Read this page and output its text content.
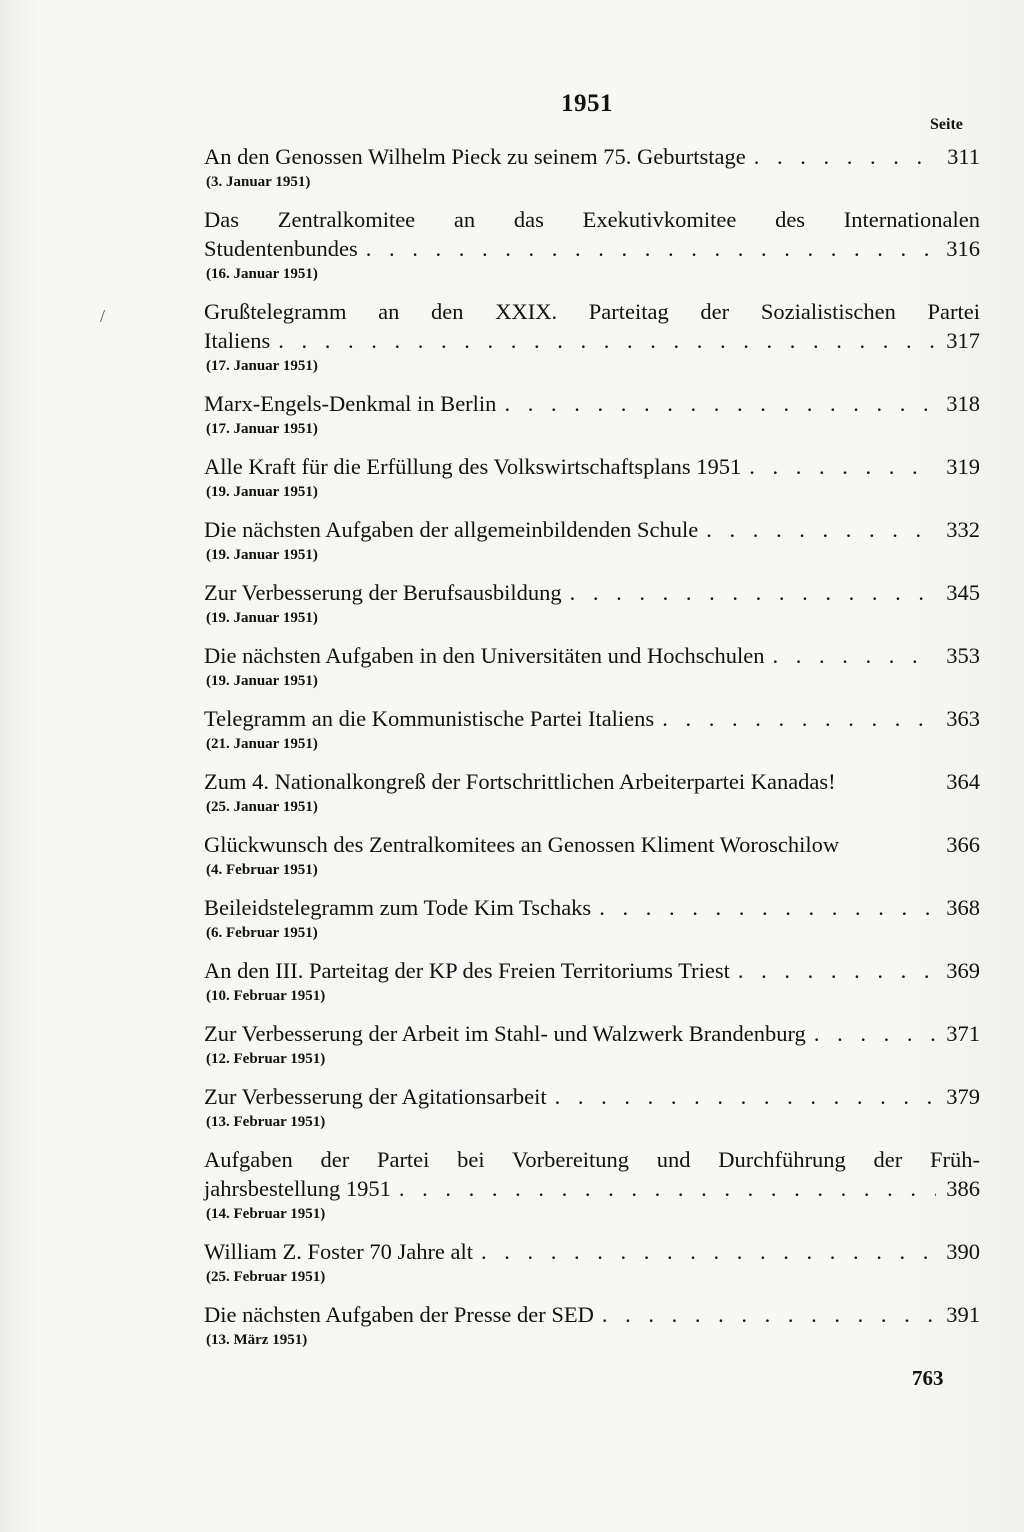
1951
Seite
An den Genossen Wilhelm Pieck zu seinem 75. Geburtstage . . .	311
(3. Januar 1951)
Das Zentralkomitee an das Exekutivkomitee des Internationalen
Studentenbundes . . .	316
(16. Januar 1951)
Grußtelegramm an den XXIX. Parteitag der Sozialistischen Partei
Italiens . . .	317
(17. Januar 1951)
Marx-Engels-Denkmal in Berlin . . .	318
(17. Januar 1951)
Alle Kraft für die Erfüllung des Volkswirtschaftsplans 1951 . . .	319
(19. Januar 1951)
Die nächsten Aufgaben der allgemeinbildenden Schule . . .	332
(19. Januar 1951)
Zur Verbesserung der Berufsausbildung . . .	345
(19. Januar 1951)
Die nächsten Aufgaben in den Universitäten und Hochschulen . . .	353
(19. Januar 1951)
Telegramm an die Kommunistische Partei Italiens . . .	363
(21. Januar 1951)
Zum 4. Nationalkongreß der Fortschrittlichen Arbeiterpartei Kanadas!	364
(25. Januar 1951)
Glückwunsch des Zentralkomitees an Genossen Kliment Woroschilow	366
(4. Februar 1951)
Beileidstelegramm zum Tode Kim Tschaks . . .	368
(6. Februar 1951)
An den III. Parteitag der KP des Freien Territoriums Triest . . .	369
(10. Februar 1951)
Zur Verbesserung der Arbeit im Stahl- und Walzwerk Brandenburg . . .	371
(12. Februar 1951)
Zur Verbesserung der Agitationsarbeit . . .	379
(13. Februar 1951)
Aufgaben der Partei bei Vorbereitung und Durchführung der Früh-
jahrsbestellung 1951 . . .	386
(14. Februar 1951)
William Z. Foster 70 Jahre alt . . .	390
(25. Februar 1951)
Die nächsten Aufgaben der Presse der SED . . .	391
(13. März 1951)
763
/
